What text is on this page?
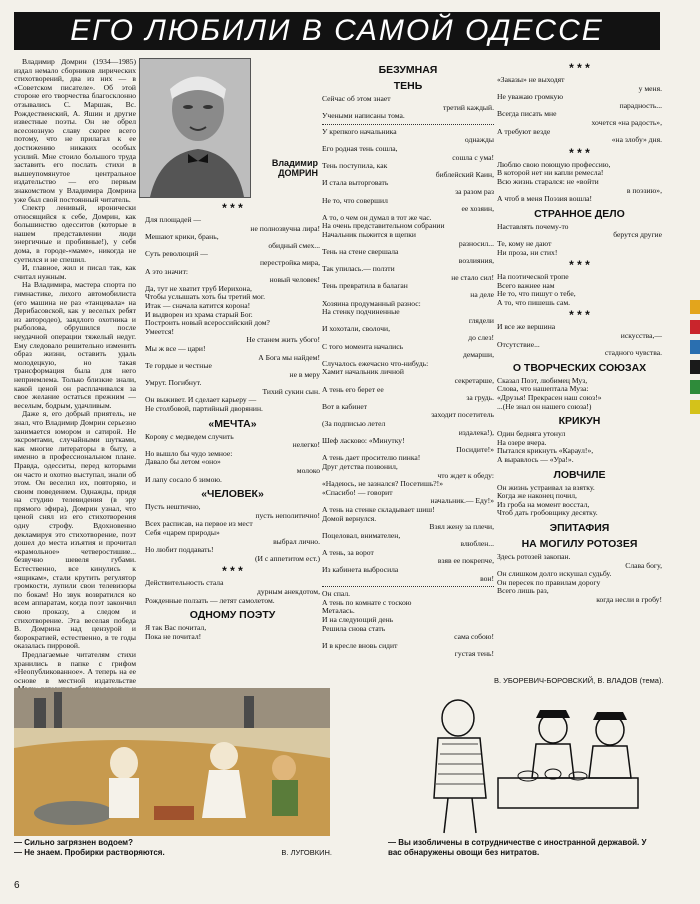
ЕГО ЛЮБИЛИ В САМОЙ ОДЕССЕ

Владимир Домрин (1934—1985) издал немало сборников лирических стихотворений, два из них — в «Советском писателе». Об этой стороне его творчества благосклонно отзывались С. Маршак, Вс. Рождественский, А. Яшин и другие известные поэты. Он не обрел всесоюзную славу скорее всего потому, что не прилагал к ее достижению никаких особых усилий. Мне стоило большого труда заставить его послать стихи в вышеупомянутое центральное издательство — его первым знакомством у Владимира Домрина уже был свой постоянный читатель.

Спектр ленивый, иронически относящийся к себе, Домрин, как большинство одесситов (которые в нашем представлении люди энергичные и пробивные!), у себя дома, в городе-«маме», никогда не суетился и не спешил.

И, главное, жил и писал так, как считал нужным.

На Владимира, мастера спорта по гимнастике, лихого автомобилиста (его машина не раз «танцевала» на Дерибасовской, как у веселых ребят из автородео), заядлого охотника и рыболова, обрушился после неудачной операции тяжелый недуг. Ему следовало решительно изменить образ жизни, оставить удаль молодецкую, но такая трансформация была для него неприемлема. Только близкие знали, какой ценой он расплачивался за свое желание остаться прежним — веселым, бодрым, удачливым.

Даже я, его добрый приятель, не знал, что Владимир Домрин серьезно занимается юмором и сатирой. Не эксромтами, случайными шутками, как многие литераторы в быту, а именно в профессиональном плане. Правда, одесситы, перед которыми он часто и охотно выступал, знали об этом. Он веселил их, повторяю, и своим поведением. Однажды, придя на студию телевидения (в эру прямого эфира), Домрин узнал, что ценой снял из его стихотворения одну строфу. Вдохновенно декламируя это стихотворение, поэт дошел до места изъятия и прочитал «крамольное» четверостишие... безвучно шевеля губами. Естественно, все кинулись к «ящикам», стали крутить регулятор громкости, лупили свои телевизоры по бокам! Но звук возвратился ко всем аппаратам, когда поэт закончил свою проказу, а следом и стихотворение. Эта веселая победа В. Домрина над цензурой и бюрократией, естественно, в те годы оказалась пирровой.

Предлагаемые читателям стихи хранились в папке с грифом «Неопубликованное». А теперь на ее основе в местной издательстве

Владимир ДОМРИН
* * *
Для площадей —
не полнозвучна лира!
Мешают крики, брань,
обидный смех...
Суть революций —
перестройка мира,
А это значит:
новый человек!
Да, тут не хватит труб Иерихона,
Чтобы услышать хоть бы третий мог.
Итак — сначала катится корона!
И выдворен из храма старый Бог.
Построить новый всероссийский дом?
Умеется!
Не станем жить убого!
Мы ж все — цари!
А Бога мы найдем!
Те гордые и честные
не в меру
Умрут. Погибнут.
Тихий сукин сын.
Он выживет. И сделает карьеру —
Не столбовой, партийный дворянин.
«МЕЧТА»
Корову с медведем случить
нелегко!
Но вышло бы чудо земное:
Давало бы летом «оно»
молоко
И лапу сосало б зимою.
«ЧЕЛОВЕК»
Пусть нештично,
пусть неполитично!
Всех расписав, на первое из мест
Себя «царем природы»
выбрал лично.
Но любит поддавать!
(И с аппетитом ест.)
* * *
Действительность стала
дурным анекдотом,
Рожденные ползать — летят самолетом.
ОДНОМУ ПОЭТУ
Я так Вас почитал,
Пока не почитал!
БЕЗУМНАЯ
ТЕНЬ
Сейчас об этом знает
третий каждый.
Учеными написаны тома.
У крепкого начальника
однажды
Его родная тень сошла,
сошла с ума!
Тень поступила, как
библейский Каин,
И стала выторговать
за разом раз
Не то, что совершил
ее хозяин,
А то, о чем он думал в тот же час.
На очень представительном собрании
Начальник пыжится в щепки
разносил...
Тень на стене свершала
возлияния,
Так упилась.— ползти
не стало сил!
Тень превратила в балаган
на деле
Хозяина продуманный разнос:
На стенку подчиненные
глядели
И хохотали, сволочи,
до слез!
С того момента начались
демарши,
Случалось ежечасно что-нибудь:
Хамит начальник личной
секретарше,
А тень его берет ее
за грудь.
Вот в кабинет
заходит посетитель
(За подписью летел
издалека!),
Шеф ласково: «Минутку!
Посидите!»
А тень дает просителю пинка!
Друг детства позвонил,
что ждет к обеду:
«Надеюсь, не зазнался? Посетишь?!»
«Спасибо! — говорит
начальник.— Еду!»
А тень на стенке складывает шиш!
Домой вернулся.
Взял жену за плечи,
Поцеловал, внимателен,
влюблен...
А тень, за ворот
взяв ее покрепче,
Из кабинета выбросила
вон!
Он спал.
А тень по комнате с тоскою
Металась.
И на следующий день
Решила снова стать
сама собою!
И в кресле вновь сидит
густая тень!
* * *
«Заказы» не выходят
у меня.
Не уважаю громкую
парадность...
Всегда писать мне
хочется «на радость»,
А требуют везде
«на злобу» дня.
* * *
Люблю свою поющую профессию,
В которой нет ни капли ремесла!
Всю жизнь старался: не «войти
в поэзию»,
А чтоб в меня Поэзия вошла!
СТРАННОЕ ДЕЛО
Наставлять почему-то
берутся другие
Те, кому не дают
Ни проза, ни стих!
* * *
На поэтической тропе
Всего важнее нам
Не то, что пишут о тебе,
А то, что пишешь сам.
* * *
И все же вершина
искусства,—
Отсутствие...
стадного чувства.
О ТВОРЧЕСКИХ СОЮЗАХ
Сказал Поэт, любимец Муз,
Слова, что нашептала Муза:
«Друзья! Прекрасен наш союз!»
...(Не знал он нашего союза!)
КРИКУН
Один бедняга утонул
На озере вчера.
Пытался крикнуть «Караул!»,
А выравлось — «Ура!».
ЛОВЧИЛЕ
Он жизнь устраивал за взятку.
Когда же наконец почил,
Из гроба на момент восстал,
Чтоб дать гробовщику десятку.
ЭПИТАФИЯ
НА МОГИЛУ РОТОЗЕЯ
Здесь ротозей закопан.
Слава богу,
Он слишком долго искушал судьбу.
Он пересек по правилам дорогу
Всего лишь раз,
когда несли в гробу!
— Сильно загрязнен водоем?
— Не знаем. Пробирки растворяются.	В. ЛУГОВКИН.
В. УБОРЕВИЧ-БОРОВСКИЙ, В. ВЛАДОВ (тема).
— Вы изобличены в сотрудничестве с иностранной державой. У вас обнаружены овощи без нитратов.
6
